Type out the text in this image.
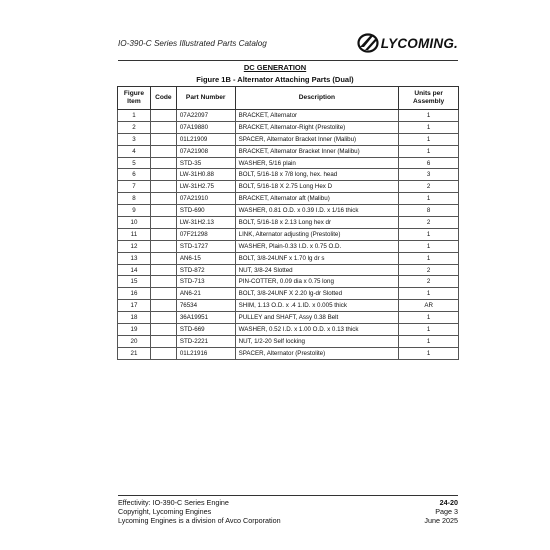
IO-390-C Series Illustrated Parts Catalog	LYCOMING.
DC GENERATION
Figure 1B - Alternator Attaching Parts (Dual)
Figure Item	Code	Part Number	Description	Units per Assembly
1		07A22097	BRACKET, Alternator	1
2		07A19880	BRACKET, Alternator-Right (Prestolite)	1
3		01L21909	SPACER, Alternator Bracket Inner (Malibu)	1
4		07A21908	BRACKET, Alternator Bracket Inner (Malibu)	1
5		STD-35	WASHER, 5/16 plain	6
6		LW-31H0.88	BOLT, 5/16-18 x 7/8 long, hex. head	3
7		LW-31H2.75	BOLT, 5/16-18 X 2.75 Long Hex D	2
8		07A21910	BRACKET, Alternator aft (Malibu)	1
9		STD-690	WASHER, 0.81 O.D. x 0.39 I.D. x 1/16 thick	8
10		LW-31H2.13	BOLT, 5/16-18 x 2.13 Long hex dr	2
11		07F21298	LINK, Alternator adjusting (Prestolite)	1
12		STD-1727	WASHER, Plain-0.33 I.D. x 0.75 O.D.	1
13		AN6-15	BOLT, 3/8-24UNF x 1.70 lg dr s	1
14		STD-872	NUT, 3/8-24 Slotted	2
15		STD-713	PIN-COTTER, 0.09 dia x 0.75 long	2
16		AN6-21	BOLT, 3/8-24UNF X 2.20 lg-dr Slotted	1
17		76534	SHIM, 1.13 O.D. x .4 1.ID. x 0.005 thick	AR
18		36A19951	PULLEY and SHAFT, Assy 0.38 Belt	1
19		STD-669	WASHER, 0.52 I.D. x 1.00 O.D. x 0.13 thick	1
20		STD-2221	NUT, 1/2-20 Self locking	1
21		01L21916	SPACER, Alternator (Prestolite)	1
Effectivity: IO-390-C Series Engine	24-20
Copyright, Lycoming Engines	Page 3
Lycoming Engines is a division of Avco Corporation	June 2025
